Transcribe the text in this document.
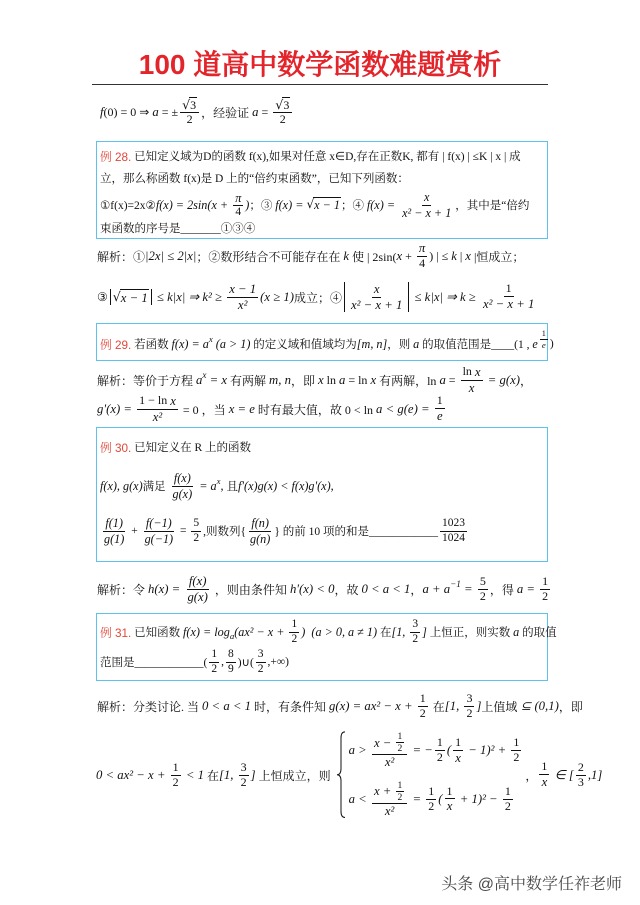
100 道高中数学函数难题赏析
f (0) = 0 ⇒ a = ± √ $\frac{3}{2}$ ，经验证 a = √ $\frac{3}{2}$
例 28. 已知定义域为D的函数 f(x),如果对任意 x∈D,存在正数K, 都有 | f(x) | ≤K | x | 成
立，那么称函数 f(x)是 D 上的“倍约束函数”，已知下列函数：
①f(x)=2x② $f(x) = 2\sin(x + \frac{\pi}{4}$ ) ；③ f(x) = √ x − 1 ；④ $f(x) = \frac{x}{\text{x² − x + 1}}$ ，其中是“倍约
束函数的序号是_______①③④
解析：① |2x| ≤ 2|x| ；②数形结合不可能存在在 k 使 | 2sin( $x + \frac{\pi}{4}$ ) | ≤ k | x |恒成立；
③ √ x − 1 ≤ k|x| ⇒ $k^2 \ge \frac{x - 1}{\text{x²}} (x \ge 1)$ 成立；④ $\frac{x}{\text{x² − x + 1}} \le k|x|$ ⇒ $k \ge \frac{1}{\text{x² − x + 1}}$
例 29. 若函数 f(x) = a x (a > 1) 的定义域和值域均为 [m, n] ，则 a 的取值范围是____(1 , e $\frac{1}{e}$ )
解析：等价于方程 a x = x 有两解 m, n ，即 x ln a = ln x 有两解，$\ln a = \frac{\text{ln x}}{x} = g(x)$ ，
$g'(x) = \frac{\text{1 − ln x}}{\text{x²}} = 0$ ，当 x = e 时有最大值，故 $0 < \ln a < g(e) = \frac{1}{e}$
例 30. 已知定义在 R 上的函数
f(x), g(x) 满足 $\frac{f(x)}{g(x)} = a$ x , 且 f'(x)g(x) < f(x)g'(x),
$\frac{f(1)}{g(1)} + \frac{f(-1)}{g(-1)} = \frac{5}{2}$ ,则数列{ $\frac{f(n)}{g(n)}$ } 的前 10 项的和是____________ $\frac{1023}{1024}$
解析：令 $h(x) = \frac{f(x)}{g(x)}$ ，则由条件知 h'(x) < 0 ，故 0 < a < 1 ， $a + a -1 = \frac{5}{2}$ ，得 $a = \frac{1}{2}$
例 31. 已知函数 f(x) = log a ($ax^2 - x + \frac{1}{2}$ )  (a > 0, a ≠ 1) 在 [1, $\frac{3}{2}$ ] 上恒正，则实数 a 的取值
范围是____________( $\frac{1}{2}$ , $\frac{8}{9}$ )∪( $\frac{3}{2}$ ,+∞)
解析：分类讨论. 当 0 < a < 1 时，有条件知 $g(x) = ax^2 - x + \frac{1}{2}$ 在 [1, $\frac{3}{2}$ ] 上值域 ⊆ (0,1) ，即
$0 < ax^2 - x + \frac{1}{2} < 1$ 在 [1, $\frac{3}{2}$ ] 上恒成立，则
$a > \frac{x - \frac{1}{2}}{\text{x²}}$ = − $\frac{1}{2}$ ( $\frac{1}{x} - 1)^2 + \frac{1}{2}$
$a < \frac{x + \frac{1}{2}}{\text{x²}} = \frac{1}{2}$ ( $\frac{1}{x} + 1)^2 - \frac{1}{2}$
， $\frac{1}{x}$ ∈ [ $\frac{2}{3} ,1$]
头条 @高中数学任祚老师
